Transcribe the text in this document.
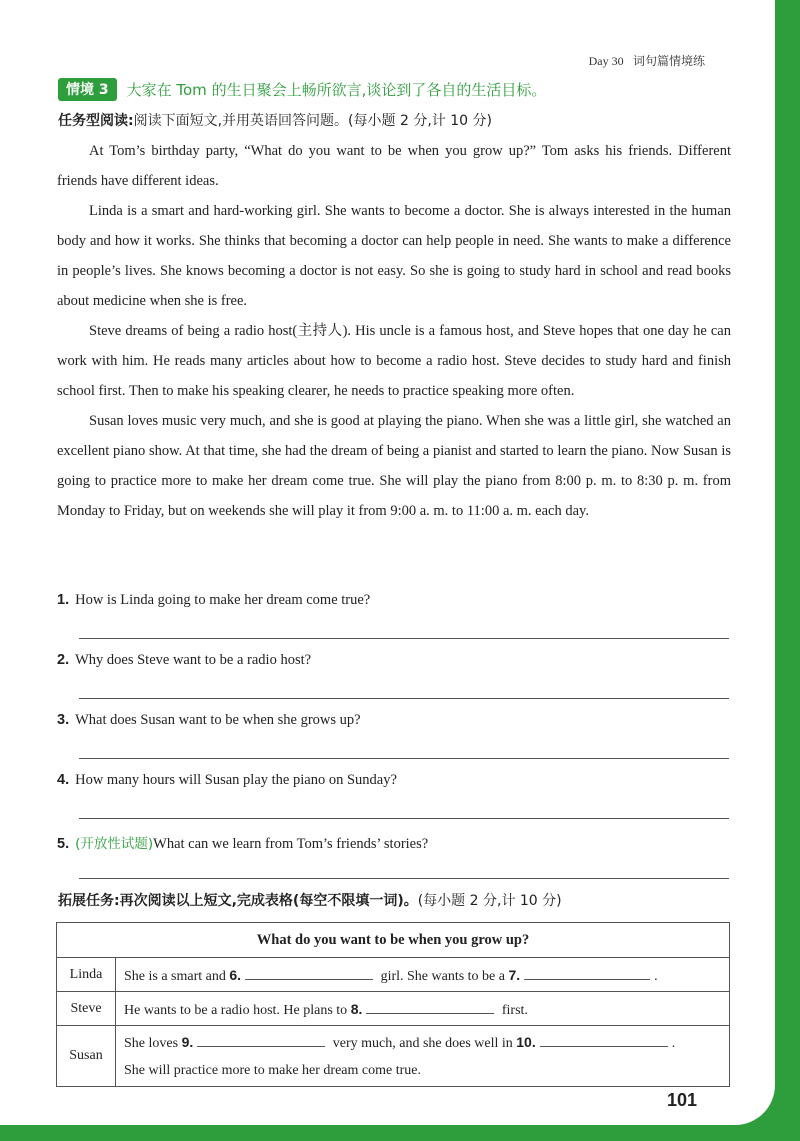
Day 30 词句篇情境练
情境 3	大家在 Tom 的生日聚会上畅所欲言,谈论到了各自的生活目标。
任务型阅读:阅读下面短文,并用英语回答问题。(每小题 2 分,计 10 分)

At Tom’s birthday party, “What do you want to be when you grow up?” Tom asks his friends. Different friends have different ideas.

Linda is a smart and hard-working girl. She wants to become a doctor. She is always interested in the human body and how it works. She thinks that becoming a doctor can help people in need. She wants to make a difference in people’s lives. She knows becoming a doctor is not easy. So she is going to study hard in school and read books about medicine when she is free.

Steve dreams of being a radio host(主持人). His uncle is a famous host, and Steve hopes that one day he can work with him. He reads many articles about how to become a radio host. Steve decides to study hard and finish school first. Then to make his speaking clearer, he needs to practice speaking more often.

Susan loves music very much, and she is good at playing the piano. When she was a little girl, she watched an excellent piano show. At that time, she had the dream of being a pianist and started to learn the piano. Now Susan is going to practice more to make her dream come true. She will play the piano from 8:00 p. m. to 8:30 p. m. from Monday to Friday, but on weekends she will play it from 9:00 a. m. to 11:00 a. m. each day.

1. How is Linda going to make her dream come true?
2. Why does Steve want to be a radio host?
3. What does Susan want to be when she grows up?
4. How many hours will Susan play the piano on Sunday?
5. (开放性试题)What can we learn from Tom’s friends’ stories?
拓展任务:再次阅读以上短文,完成表格(每空不限填一词)。(每小题 2 分,计 10 分)
What do you want to be when you grow up?	
Linda	She is a smart and 6. girl. She wants to be a 7. .
Steve	He wants to be a radio host. He plans to 8. first.
Susan	She loves 9. very much, and she does well in 10. .
She will practice more to make her dream come true.
101
